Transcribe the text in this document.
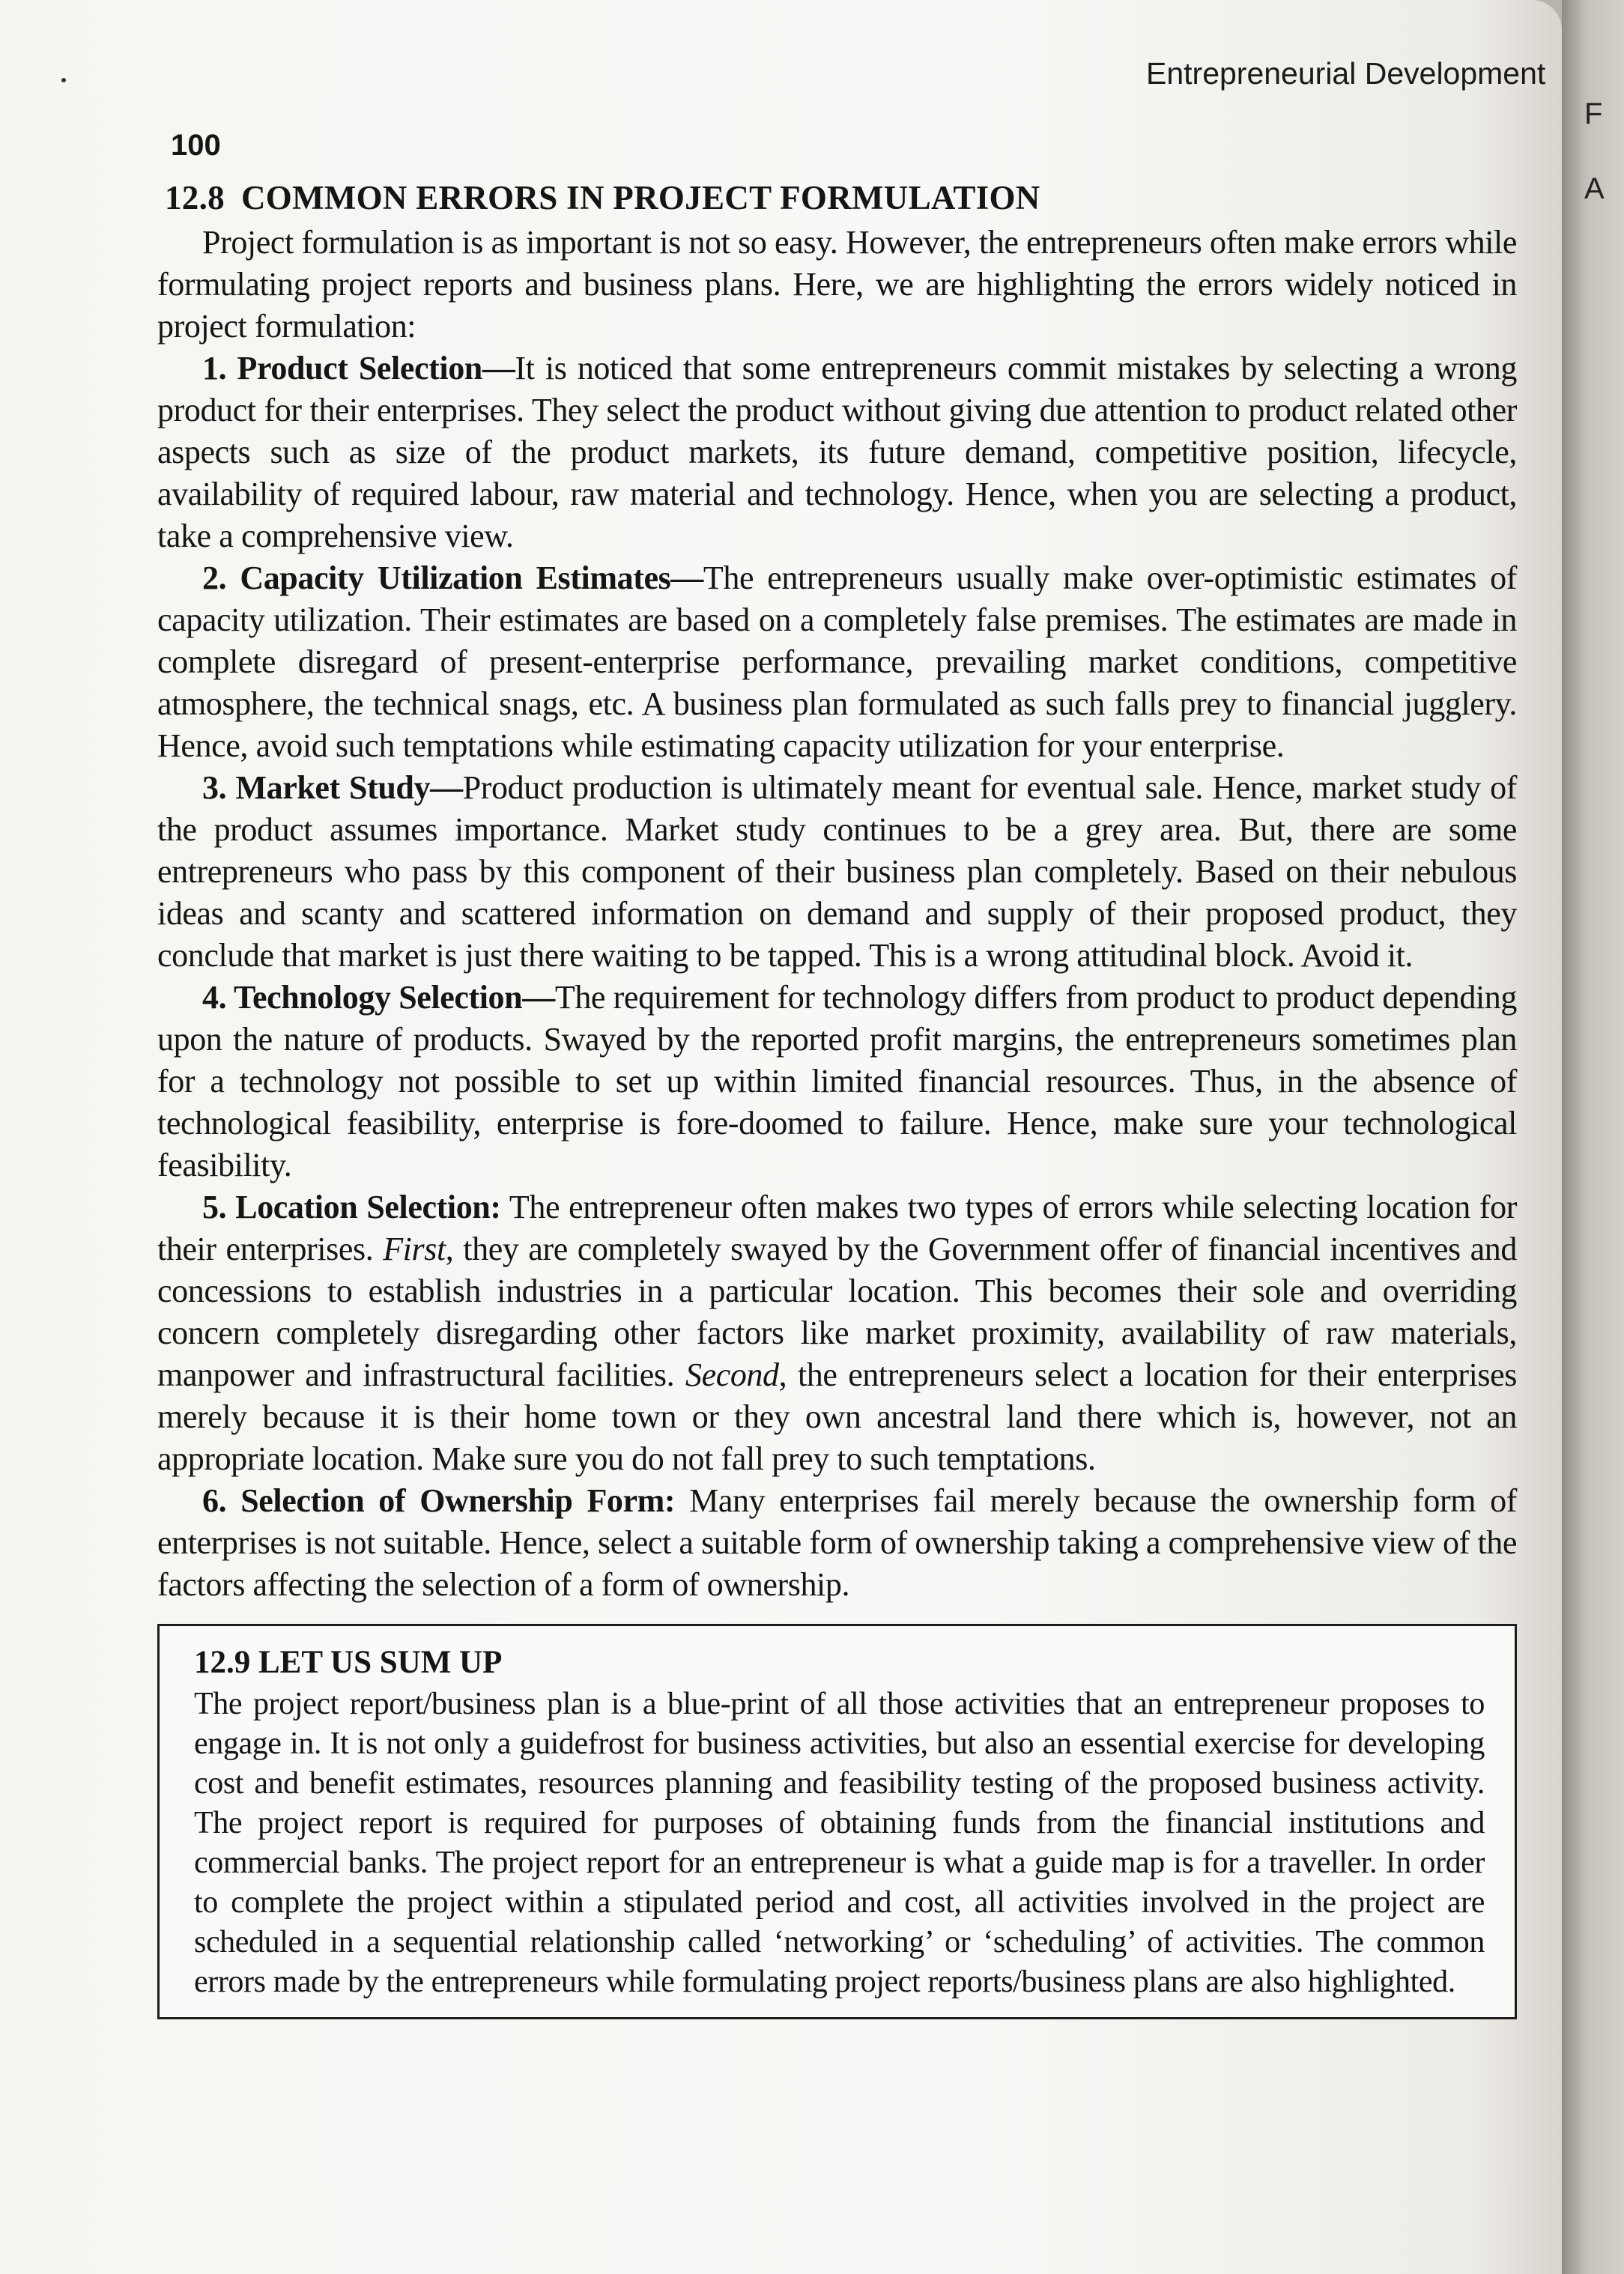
F
A
Entrepreneurial Development
100
12.8 COMMON ERRORS IN PROJECT FORMULATION

Project formulation is as important is not so easy. However, the entrepreneurs often make errors while formulating project reports and business plans. Here, we are highlighting the errors widely noticed in project formulation:

1. Product Selection—It is noticed that some entrepreneurs commit mistakes by selecting a wrong product for their enterprises. They select the product without giving due attention to product related other aspects such as size of the product markets, its future demand, competitive position, lifecycle, availability of required labour, raw material and technology. Hence, when you are selecting a product, take a comprehensive view.

2. Capacity Utilization Estimates—The entrepreneurs usually make over-optimistic estimates of capacity utilization. Their estimates are based on a completely false premises. The estimates are made in complete disregard of present-enterprise performance, prevailing market conditions, competitive atmosphere, the technical snags, etc. A business plan formulated as such falls prey to financial jugglery. Hence, avoid such temptations while estimating capacity utilization for your enterprise.

3. Market Study—Product production is ultimately meant for eventual sale. Hence, market study of the product assumes importance. Market study continues to be a grey area. But, there are some entrepreneurs who pass by this component of their business plan completely. Based on their nebulous ideas and scanty and scattered information on demand and supply of their proposed product, they conclude that market is just there waiting to be tapped. This is a wrong attitudinal block. Avoid it.

4. Technology Selection—The requirement for technology differs from product to product depending upon the nature of products. Swayed by the reported profit margins, the entrepreneurs sometimes plan for a technology not possible to set up within limited financial resources. Thus, in the absence of technological feasibility, enterprise is fore-doomed to failure. Hence, make sure your technological feasibility.

5. Location Selection: The entrepreneur often makes two types of errors while selecting location for their enterprises. First, they are completely swayed by the Government offer of financial incentives and concessions to establish industries in a particular location. This becomes their sole and overriding concern completely disregarding other factors like market proximity, availability of raw materials, manpower and infrastructural facilities. Second, the entrepreneurs select a location for their enterprises merely because it is their home town or they own ancestral land there which is, however, not an appropriate location. Make sure you do not fall prey to such temptations.

6. Selection of Ownership Form: Many enterprises fail merely because the ownership form of enterprises is not suitable. Hence, select a suitable form of ownership taking a comprehensive view of the factors affecting the selection of a form of ownership.

12.9 LET US SUM UP

The project report/business plan is a blue-print of all those activities that an entrepreneur proposes to engage in. It is not only a guidefrost for business activities, but also an essential exercise for developing cost and benefit estimates, resources planning and feasibility testing of the proposed business activity. The project report is required for purposes of obtaining funds from the financial institutions and commercial banks. The project report for an entrepreneur is what a guide map is for a traveller. In order to complete the project within a stipulated period and cost, all activities involved in the project are scheduled in a sequential relationship called ‘networking’ or ‘scheduling’ of activities. The common errors made by the entrepreneurs while formulating project reports/business plans are also highlighted.
